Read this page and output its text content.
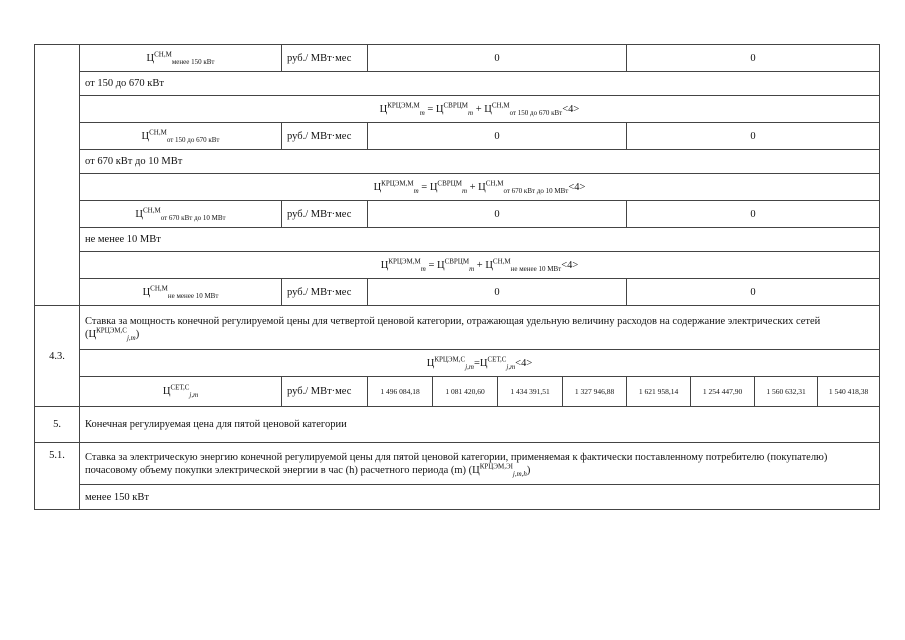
	$Ц^{СН,М}_{менее 150 кВт}$	руб./ МВт·мес	0				0			
	от 150 до 670 кВт									
	$Ц^{КРЦЭМ,М}_m = Ц^{СВРЦМ}_m + Ц^{СН,М}_{от 150 до 670 кВт}<4>$									
	$Ц^{СН,М}_{от 150 до 670 кВт}$	руб./ МВт·мес	0				0			
	от 670 кВт до 10 МВт									
	$Ц^{КРЦЭМ,М}_m = Ц^{СВРЦМ}_m + Ц^{СН,М}_{от 670 кВт до 10 МВт}<4>$									
	$Ц^{СН,М}_{от 670 кВт до 10 МВт}$	руб./ МВт·мес	0				0			
	не менее 10 МВт									
	$Ц^{КРЦЭМ,М}_m = Ц^{СВРЦМ}_m + Ц^{СН,М}_{не менее 10 МВт}<4>$									
	$Ц^{СН,М}_{не менее 10 МВт}$	руб./ МВт·мес	0				0			
4.3.	Ставка за мощность конечной регулируемой цены для четвертой ценовой категории, отражающая удельную величину расходов на содержание электрических сетей $(Ц^{КРЦЭМ,С}_{j,m})$									
	$Ц^{КРЦЭМ,С}_{j,m}=Ц^{СЕТ,С}_{j,m}<4>$									
	$Ц^{СЕТ,С}_{j,m}$	руб./ МВт·мес	1 496 084,18	1 081 420,60	1 434 391,51	1 327 946,88	1 621 958,14	1 254 447,90	1 560 632,31	1 540 418,38
5.	Конечная регулируемая цена для пятой ценовой категории									
5.1.	Ставка за электрическую энергию конечной регулируемой цены для пятой ценовой категории, применяемая к фактически поставленному потребителю (покупателю) почасовому объему покупки электрической энергии в час (h) расчетного периода (m) $(Ц^{КРЦЭМ,ЭI}_{j,m,h})$									
	менее 150 кВт									
